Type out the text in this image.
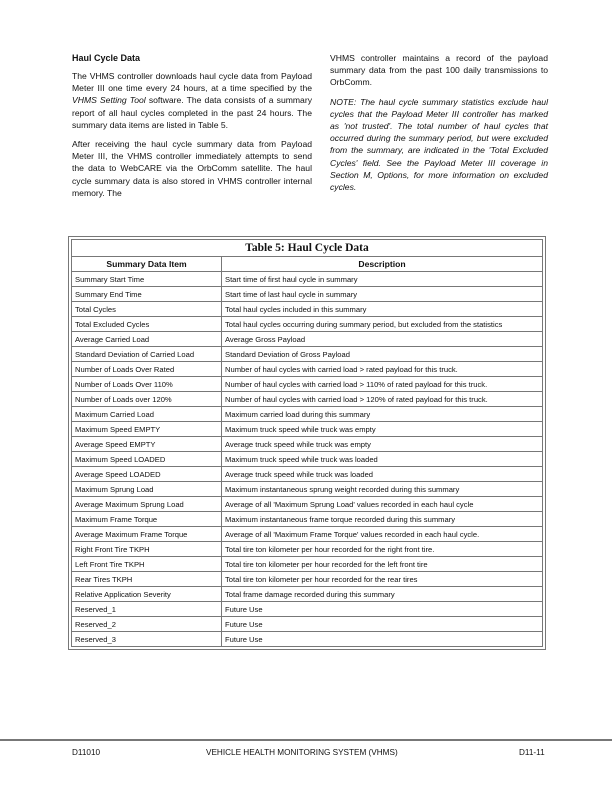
Haul Cycle Data

The VHMS controller downloads haul cycle data from Payload Meter III one time every 24 hours, at a time specified by the VHMS Setting Tool software. The data consists of a summary report of all haul cycles completed in the past 24 hours. The summary data items are listed in Table 5.

After receiving the haul cycle summary data from Payload Meter III, the VHMS controller immediately attempts to send the data to WebCARE via the OrbComm satellite. The haul cycle summary data is also stored in VHMS controller internal memory. The

VHMS controller maintains a record of the payload summary data from the past 100 daily transmissions to OrbComm.

NOTE: The haul cycle summary statistics exclude haul cycles that the Payload Meter III controller has marked as 'not trusted'. The total number of haul cycles that occurred during the summary period, but were excluded from the summary, are indicated in the 'Total Excluded Cycles' field. See the Payload Meter III coverage in Section M, Options, for more information on excluded cycles.

Table 5: Haul Cycle Data	
Summary Data Item	Description
Summary Start Time	Start time of first haul cycle in summary
Summary End Time	Start time of last haul cycle in summary
Total Cycles	Total haul cycles included in this summary
Total Excluded Cycles	Total haul cycles occurring during summary period, but excluded from the statistics
Average Carried Load	Average Gross Payload
Standard Deviation of Carried Load	Standard Deviation of Gross Payload
Number of Loads Over Rated	Number of haul cycles with carried load > rated payload for this truck.
Number of Loads Over 110%	Number of haul cycles with carried load > 110% of rated payload for this truck.
Number of Loads over 120%	Number of haul cycles with carried load > 120% of rated payload for this truck.
Maximum Carried Load	Maximum carried load during this summary
Maximum Speed EMPTY	Maximum truck speed while truck was empty
Average Speed EMPTY	Average truck speed while truck was empty
Maximum Speed LOADED	Maximum truck speed while truck was loaded
Average Speed LOADED	Average truck speed while truck was loaded
Maximum Sprung Load	Maximum instantaneous sprung weight recorded during this summary
Average Maximum Sprung Load	Average of all 'Maximum Sprung Load' values recorded in each haul cycle
Maximum Frame Torque	Maximum instantaneous frame torque recorded during this summary
Average Maximum Frame Torque	Average of all 'Maximum Frame Torque' values recorded in each haul cycle.
Right Front Tire TKPH	Total tire ton kilometer per hour recorded for the right front tire.
Left Front Tire TKPH	Total tire ton kilometer per hour recorded for the left front tire
Rear Tires TKPH	Total tire ton kilometer per hour recorded for the rear tires
Relative Application Severity	Total frame damage recorded during this summary
Reserved_1	Future Use
Reserved_2	Future Use
Reserved_3	Future Use
D11010	VEHICLE HEALTH MONITORING SYSTEM (VHMS)	D11-11
